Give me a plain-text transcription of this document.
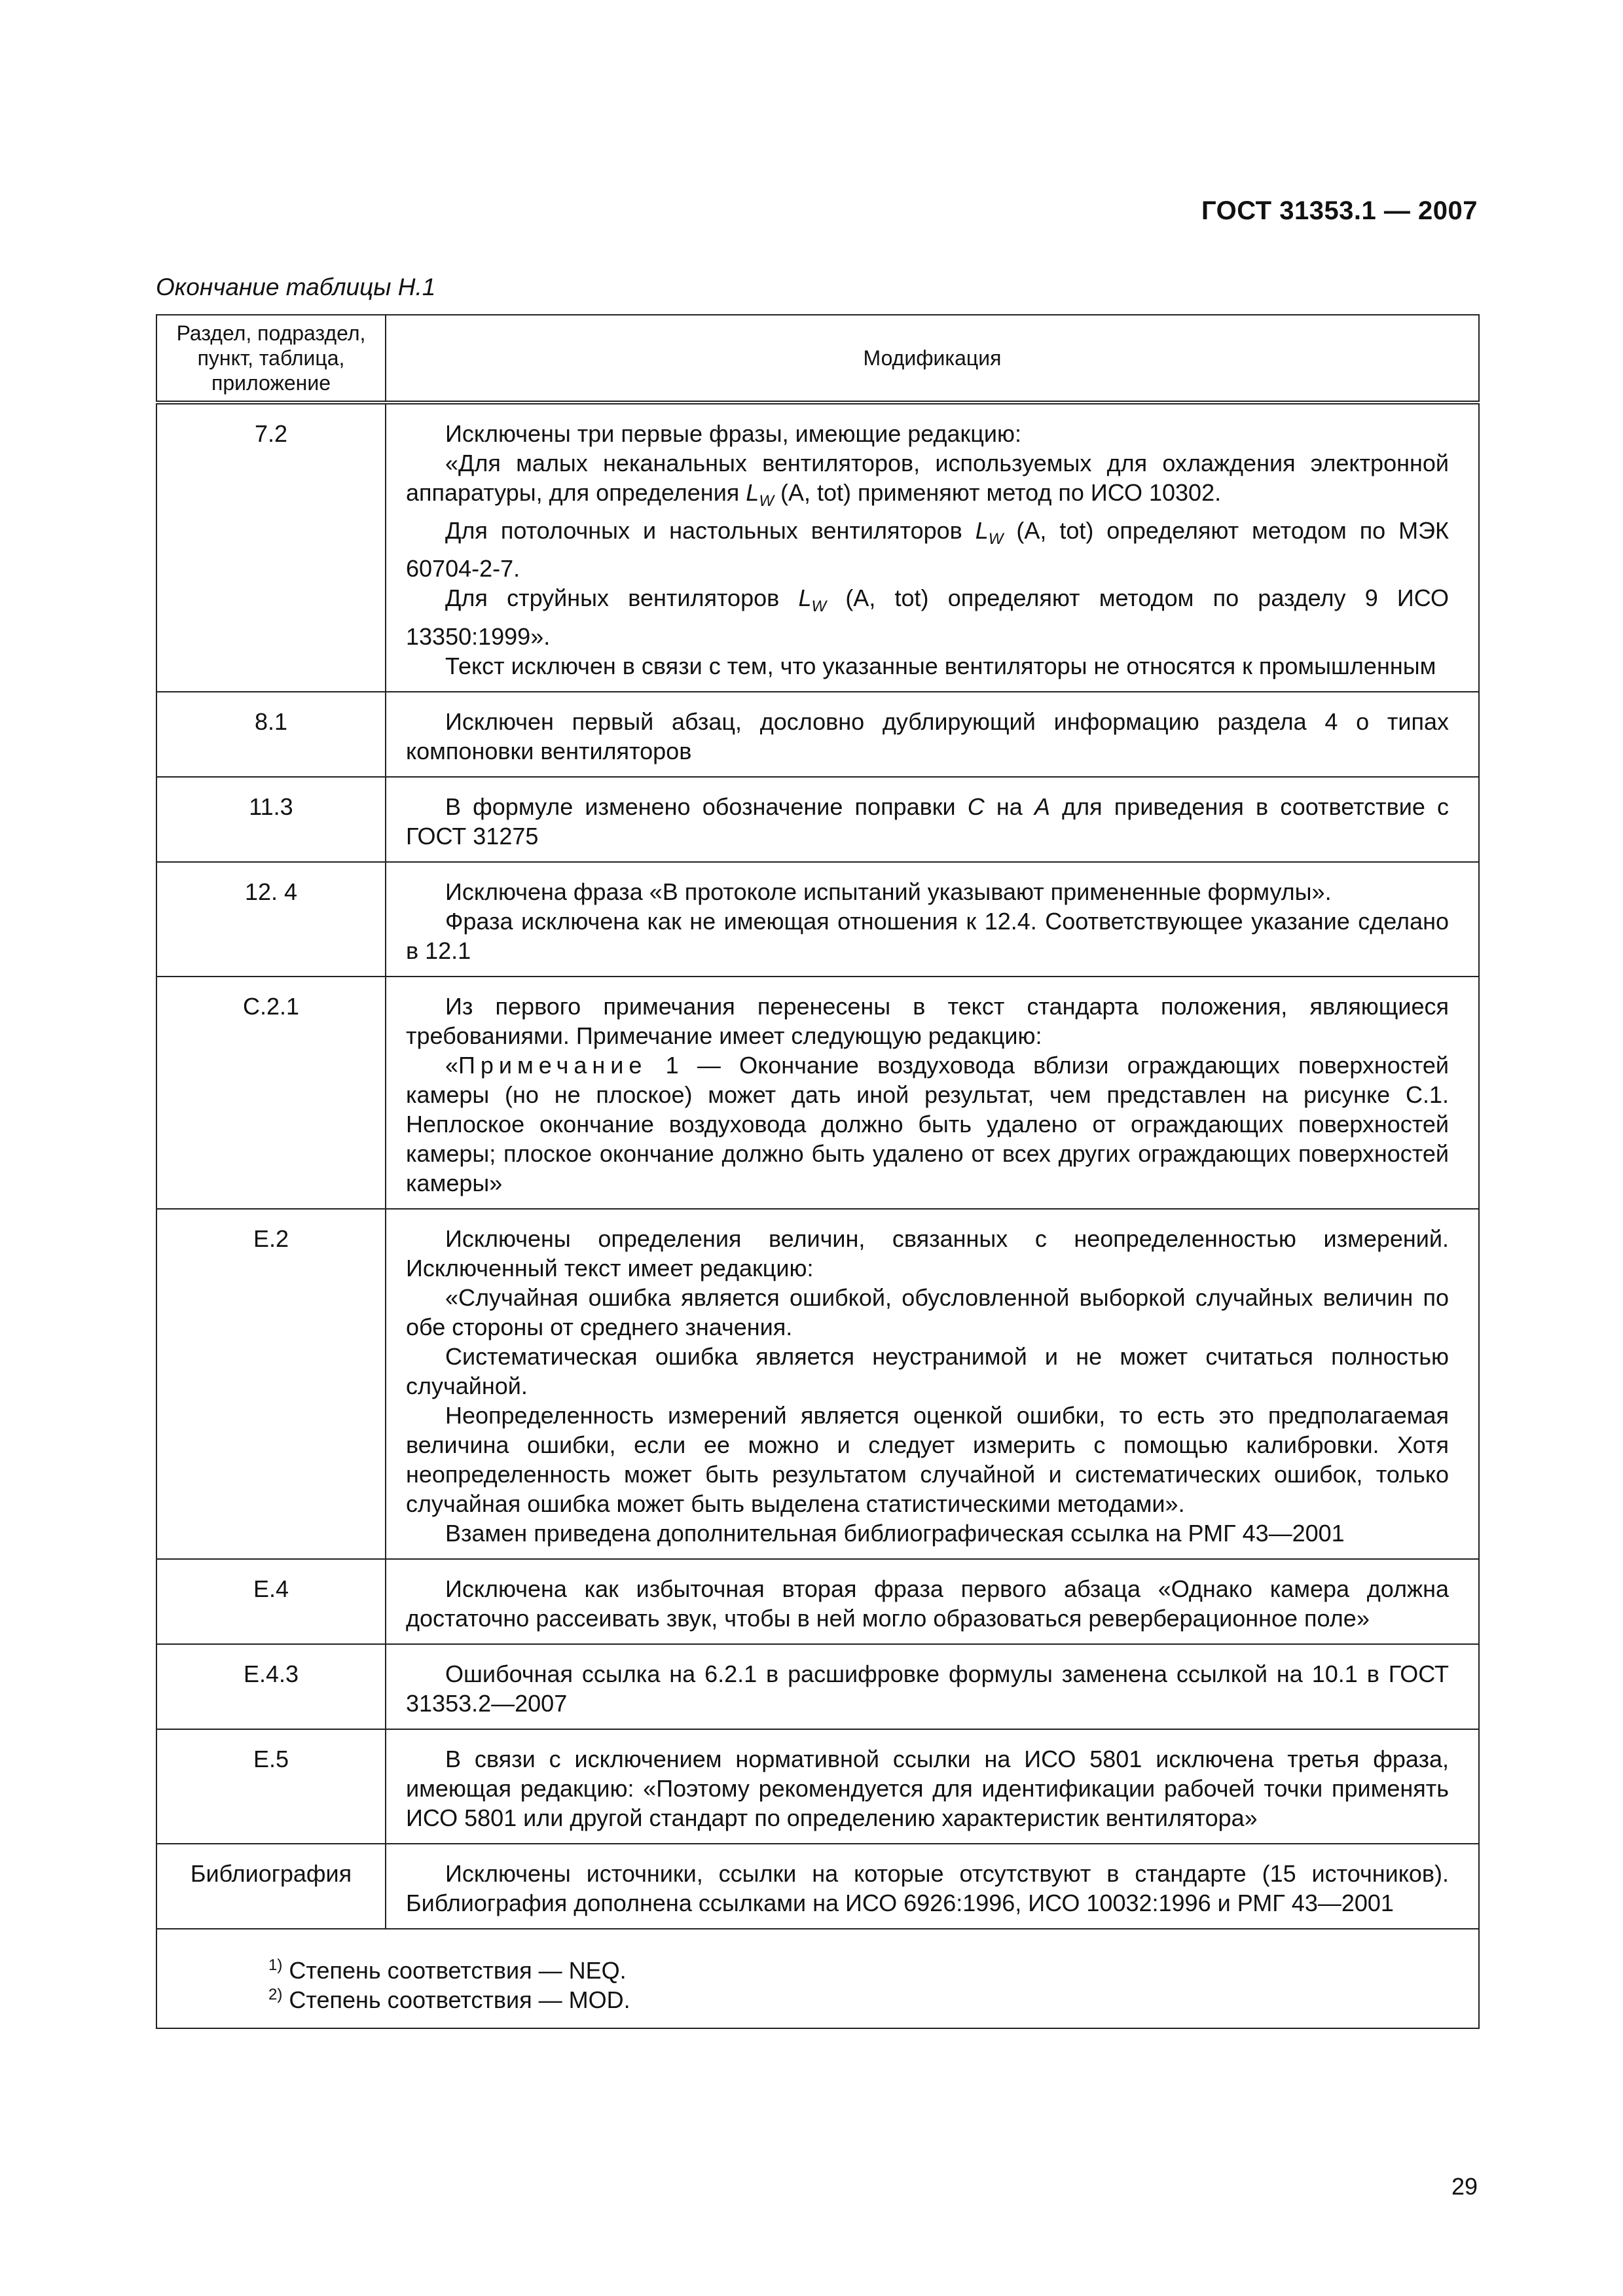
ГОСТ 31353.1 — 2007
Окончание таблицы Н.1
Раздел, подраздел, пункт, таблица, приложение	Модификация
7.2	Исключены три первые фразы, имеющие редакцию:

«Для малых неканальных вентиляторов, используемых для охлаждения электронной аппаратуры, для определения $L_W$ (A, tot) применяют метод по ИСО 10302.

Для потолочных и настольных вентиляторов $L_W$ (A, tot) определяют методом по МЭК 60704-2-7.

Для струйных вентиляторов $L_W$ (A, tot) определяют методом по разделу 9 ИСО 13350:1999».

Текст исключен в связи с тем, что указанные вентиляторы не относятся к промышленным

8.1	Исключен первый абзац, дословно дублирующий информацию раздела 4 о типах компоновки вентиляторов

11.3	В формуле изменено обозначение поправки C на A для приведения в соответствие с ГОСТ 31275

12. 4	Исключена фраза «В протоколе испытаний указывают примененные формулы».

Фраза исключена как не имеющая отношения к 12.4. Соответствующее указание сделано в 12.1

С.2.1	Из первого примечания перенесены в текст стандарта положения, являющиеся требованиями. Примечание имеет следующую редакцию:

«Примечание 1 — Окончание воздуховода вблизи ограждающих поверхностей камеры (но не плоское) может дать иной результат, чем представлен на рисунке С.1. Неплоское окончание воздуховода должно быть удалено от ограждающих поверхностей камеры; плоское окончание должно быть удалено от всех других ограждающих поверхностей камеры»

Е.2	Исключены определения величин, связанных с неопределенностью измерений. Исключенный текст имеет редакцию:

«Случайная ошибка является ошибкой, обусловленной выборкой случайных величин по обе стороны от среднего значения.

Систематическая ошибка является неустранимой и не может считаться полностью случайной.

Неопределенность измерений является оценкой ошибки, то есть это предполагаемая величина ошибки, если ее можно и следует измерить с помощью калибровки. Хотя неопределенность может быть результатом случайной и систематических ошибок, только случайная ошибка может быть выделена статистическими методами».

Взамен приведена дополнительная библиографическая ссылка на РМГ 43—2001

Е.4	Исключена как избыточная вторая фраза первого абзаца «Однако камера должна достаточно рассеивать звук, чтобы в ней могло образоваться реверберационное поле»

Е.4.3	Ошибочная ссылка на 6.2.1 в расшифровке формулы заменена ссылкой на 10.1 в ГОСТ 31353.2—2007

Е.5	В связи с исключением нормативной ссылки на ИСО 5801 исключена третья фраза, имеющая редакцию: «Поэтому рекомендуется для идентификации рабочей точки применять ИСО 5801 или другой стандарт по определению характеристик вентилятора»

Библиография	Исключены источники, ссылки на которые отсутствуют в стандарте (15 источников). Библиография дополнена ссылками на ИСО 6926:1996, ИСО 10032:1996 и РМГ 43—2001

$^{1)}$ Степень соответствия — NEQ.
$^{2)}$ Степень соответствия — MOD.	
29
